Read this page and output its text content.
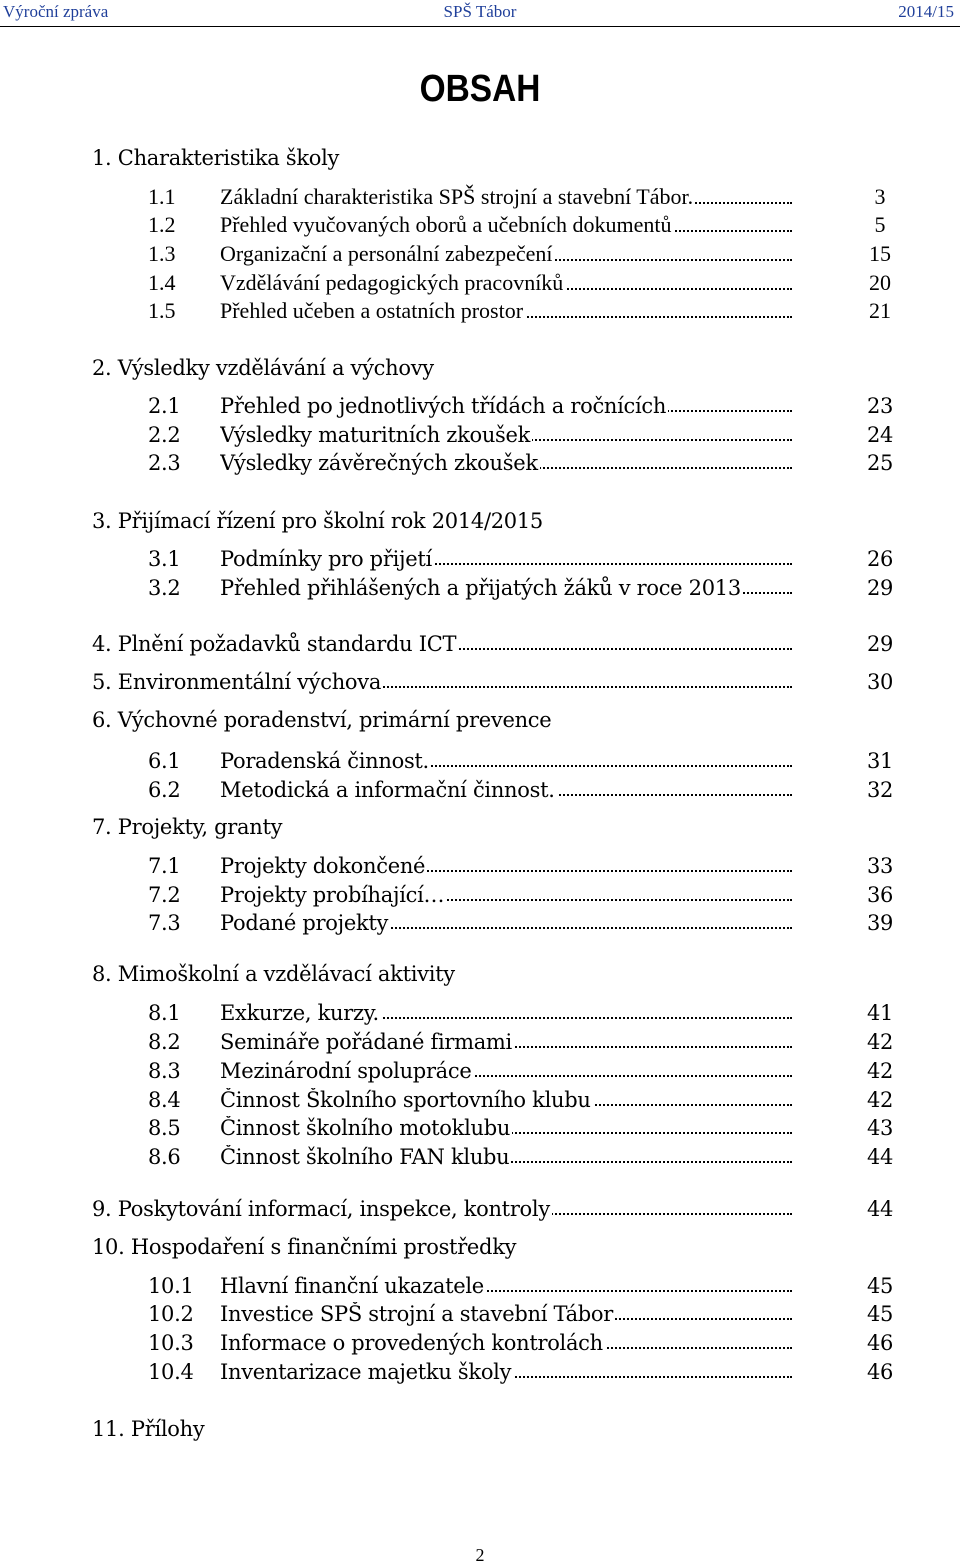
Výroční zpráva	SPŠ Tábor	2014/15
OBSAH
1. Charakteristika školy
1.1 Základní charakteristika SPŠ strojní a stavební Tábor.	3
1.2 Přehled vyučovaných oborů a učebních dokumentů	5
1.3 Organizační a personální zabezpečení	15
1.4 Vzdělávání pedagogických pracovníků	20
1.5 Přehled učeben a ostatních prostor	21
2. Výsledky vzdělávání a výchovy
2.1 Přehled po jednotlivých třídách a ročnících	23
2.2 Výsledky maturitních zkoušek	24
2.3 Výsledky závěrečných zkoušek	25
3. Přijímací řízení pro školní rok 2014/2015
3.1 Podmínky pro přijetí	26
3.2 Přehled přihlášených a přijatých žáků v roce 2013	29
4. Plnění požadavků standardu ICT	29
5. Environmentální výchova	30
6. Výchovné poradenství, primární prevence
6.1 Poradenská činnost.	31
6.2 Metodická a informační činnost.	32
7. Projekty, granty
7.1 Projekty dokončené	33
7.2 Projekty probíhající…	36
7.3 Podané projekty	39
8. Mimoškolní a vzdělávací aktivity
8.1 Exkurze, kurzy.	41
8.2 Semináře pořádané firmami	42
8.3 Mezinárodní spolupráce	42
8.4 Činnost Školního sportovního klubu	42
8.5 Činnost školního motoklubu	43
8.6 Činnost školního FAN klubu	44
9. Poskytování informací, inspekce, kontroly	44
10. Hospodaření s finančními prostředky
10.1 Hlavní finanční ukazatele	45
10.2 Investice SPŠ strojní a stavební Tábor	45
10.3 Informace o provedených kontrolách	46
10.4 Inventarizace majetku školy	46
11. Přílohy
2
